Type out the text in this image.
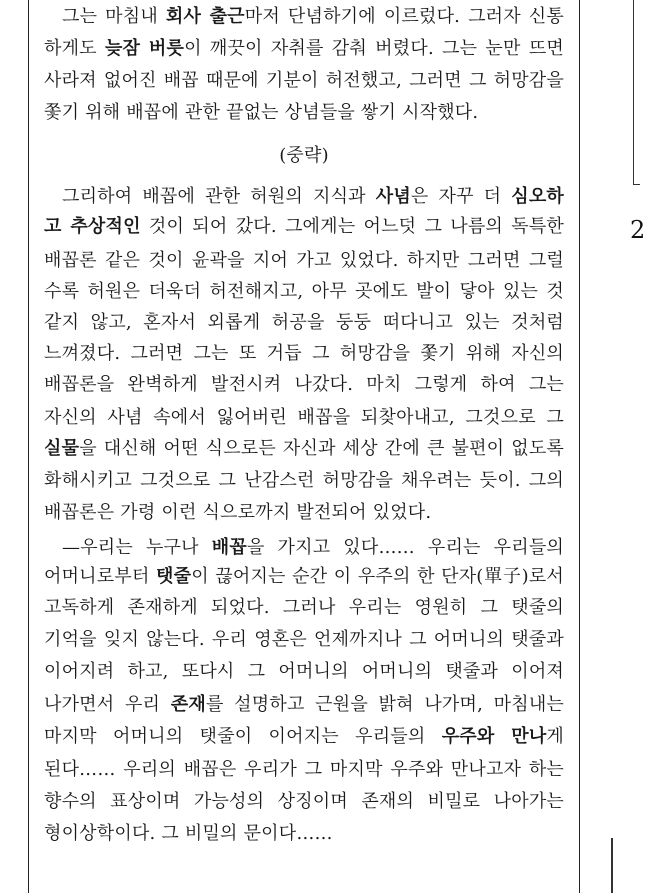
2
그는 마침내 회사 출근마저 단념하기에 이르렀다. 그러자 신통
하게도 늦잠 버릇이 깨끗이 자취를 감춰 버렸다. 그는 눈만 뜨면
사라져 없어진 배꼽 때문에 기분이 허전했고, 그러면 그 허망감을
쫓기 위해 배꼽에 관한 끝없는 상념들을 쌓기 시작했다.
(중략)
그리하여 배꼽에 관한 허원의 지식과 사념은 자꾸 더 심오하
고 추상적인 것이 되어 갔다. 그에게는 어느덧 그 나름의 독특한
배꼽론 같은 것이 윤곽을 지어 가고 있었다. 하지만 그러면 그럴
수록 허원은 더욱더 허전해지고, 아무 곳에도 발이 닿아 있는 것
같지 않고, 혼자서 외롭게 허공을 둥둥 떠다니고 있는 것처럼
느껴졌다. 그러면 그는 또 거듭 그 허망감을 쫓기 위해 자신의
배꼽론을 완벽하게 발전시켜 나갔다. 마치 그렇게 하여 그는
자신의 사념 속에서 잃어버린 배꼽을 되찾아내고, 그것으로 그
실물을 대신해 어떤 식으로든 자신과 세상 간에 큰 불편이 없도록
화해시키고 그것으로 그 난감스런 허망감을 채우려는 듯이. 그의
배꼽론은 가령 이런 식으로까지 발전되어 있었다.
—우리는 누구나 배꼽을 가지고 있다…… 우리는 우리들의
어머니로부터 탯줄이 끊어지는 순간 이 우주의 한 단자(單子)로서
고독하게 존재하게 되었다. 그러나 우리는 영원히 그 탯줄의
기억을 잊지 않는다. 우리 영혼은 언제까지나 그 어머니의 탯줄과
이어지려 하고, 또다시 그 어머니의 어머니의 탯줄과 이어져
나가면서 우리 존재를 설명하고 근원을 밝혀 나가며, 마침내는
마지막 어머니의 탯줄이 이어지는 우리들의 우주와 만나게
된다…… 우리의 배꼽은 우리가 그 마지막 우주와 만나고자 하는
향수의 표상이며 가능성의 상징이며 존재의 비밀로 나아가는
형이상학이다. 그 비밀의 문이다……
